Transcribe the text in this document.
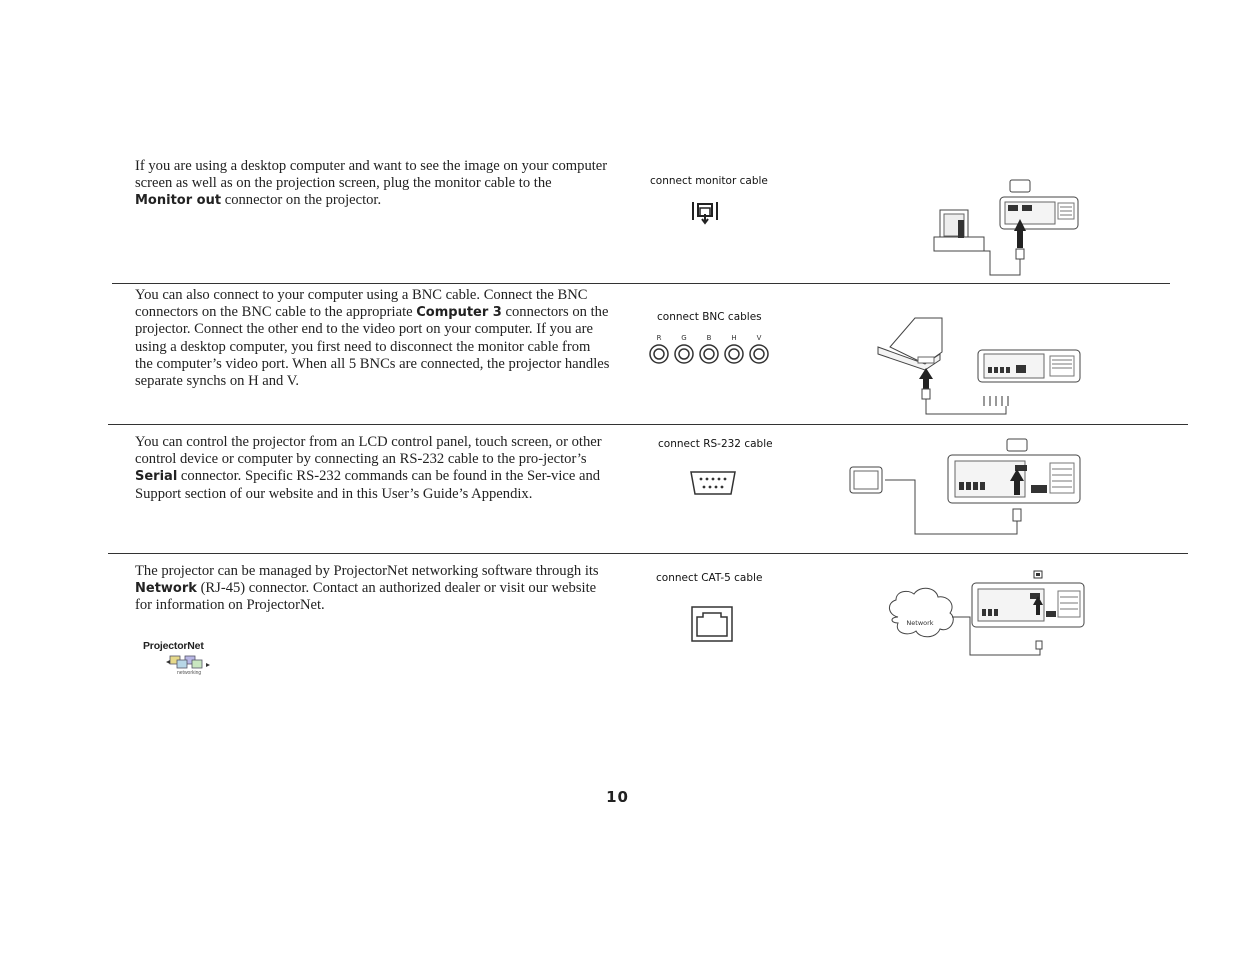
If you are using a desktop computer and want to see the image on your computer screen as well as on the projection screen, plug the monitor cable to the Monitor out connector on the projector.

connect monitor cable

You can also connect to your computer using a BNC cable. Connect the BNC connectors on the BNC cable to the appropriate Computer 3 connectors on the projector. Connect the other end to the video port on your computer. If you are using a desktop computer, you first need to disconnect the monitor cable from the computer’s video port. When all 5 BNCs are connected, the projector handles separate synchs on H and V.

connect BNC cables
R	G	B	H	V

You can control the projector from an LCD control panel, touch screen, or other control device or computer by connecting an RS-232 cable to the pro-jector’s Serial connector. Specific RS-232 commands can be found in the Ser-vice and Support section of our website and in this User’s Guide’s Appendix.

connect RS-232 cable

The projector can be managed by ProjectorNet networking software through its Network (RJ-45) connector. Contact an authorized dealer or visit our website for information on ProjectorNet.

connect CAT-5 cable
Network
ProjectorNet
networking
10
